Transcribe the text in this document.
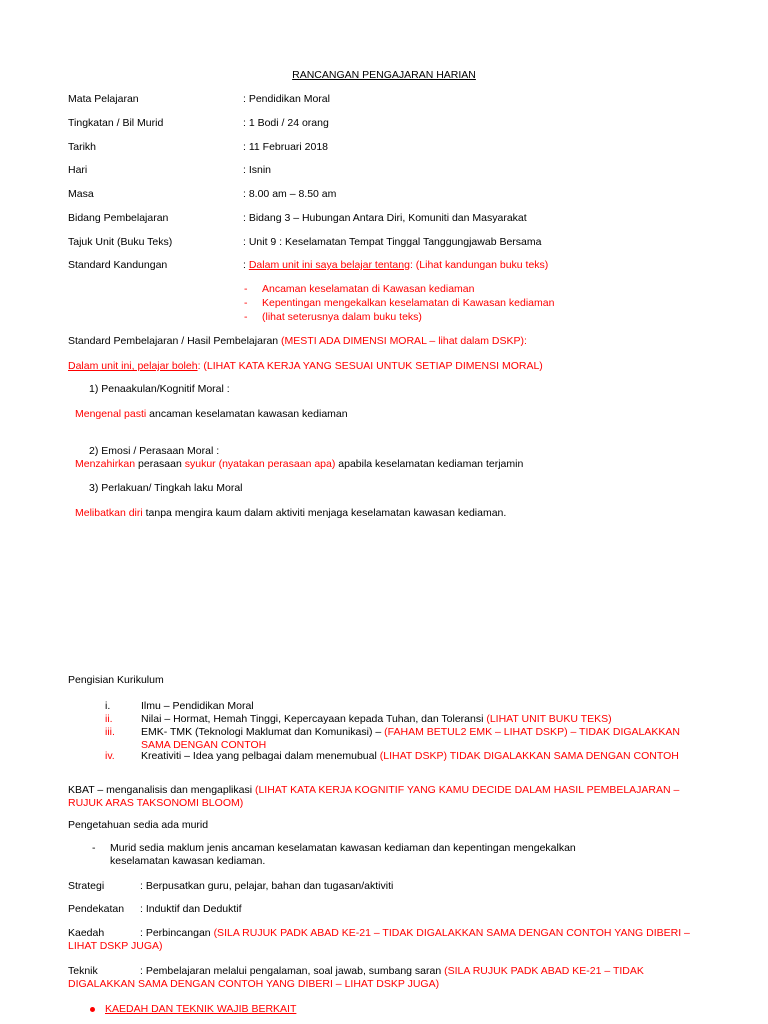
RANCANGAN PENGAJARAN HARIAN
Mata Pelajaran	: Pendidikan Moral
Tingkatan / Bil Murid	: 1 Bodi / 24 orang
Tarikh	: 11 Februari 2018
Hari	: Isnin
Masa	: 8.00 am – 8.50 am
Bidang Pembelajaran	: Bidang 3 – Hubungan Antara Diri, Komuniti dan Masyarakat
Tajuk Unit (Buku Teks)	: Unit 9 : Keselamatan Tempat Tinggal Tanggungjawab Bersama
Standard Kandungan	: Dalam unit ini saya belajar tentang: (Lihat kandungan buku teks)
- Ancaman keselamatan di Kawasan kediaman
- Kepentingan mengekalkan keselamatan di Kawasan kediaman
- (lihat seterusnya dalam buku teks)
Standard Pembelajaran / Hasil Pembelajaran (MESTI ADA DIMENSI MORAL – lihat dalam DSKP):
Dalam unit ini, pelajar boleh: (LIHAT KATA KERJA YANG SESUAI UNTUK SETIAP DIMENSI MORAL)
1) Penaakulan/Kognitif Moral :
Mengenal pasti ancaman keselamatan kawasan kediaman
2) Emosi / Perasaan Moral :
Menzahirkan perasaan syukur (nyatakan perasaan apa) apabila keselamatan kediaman terjamin
3) Perlakuan/ Tingkah laku Moral
Melibatkan diri tanpa mengira kaum dalam aktiviti menjaga keselamatan kawasan kediaman.
Pengisian Kurikulum
i.	Ilmu – Pendidikan Moral
ii.	Nilai – Hormat, Hemah Tinggi, Kepercayaan kepada Tuhan, dan Toleransi (LIHAT UNIT BUKU TEKS)
iii. EMK- TMK (Teknologi Maklumat dan Komunikasi) – (FAHAM BETUL2 EMK – LIHAT DSKP) – TIDAK DIGALAKKAN SAMA DENGAN CONTOH
iv.	Kreativiti – Idea yang pelbagai dalam menemubual (LIHAT DSKP) TIDAK DIGALAKKAN SAMA DENGAN CONTOH
KBAT – menganalisis dan mengaplikasi (LIHAT KATA KERJA KOGNITIF YANG KAMU DECIDE DALAM HASIL PEMBELAJARAN – RUJUK ARAS TAKSONOMI BLOOM)
Pengetahuan sedia ada murid
- Murid sedia maklum jenis ancaman keselamatan kawasan kediaman dan kepentingan mengekalkan keselamatan kawasan kediaman.
Strategi	: Berpusatkan guru, pelajar, bahan dan tugasan/aktiviti
Pendekatan : Induktif dan Deduktif
Kaedah	: Perbincangan (SILA RUJUK PADK ABAD KE-21 – TIDAK DIGALAKKAN SAMA DENGAN CONTOH YANG DIBERI – LIHAT DSKP JUGA)
Teknik	: Pembelajaran melalui pengalaman, soal jawab, sumbang saran (SILA RUJUK PADK ABAD KE-21 – TIDAK DIGALAKKAN SAMA DENGAN CONTOH YANG DIBERI – LIHAT DSKP JUGA)
KAEDAH DAN TEKNIK WAJIB BERKAIT
